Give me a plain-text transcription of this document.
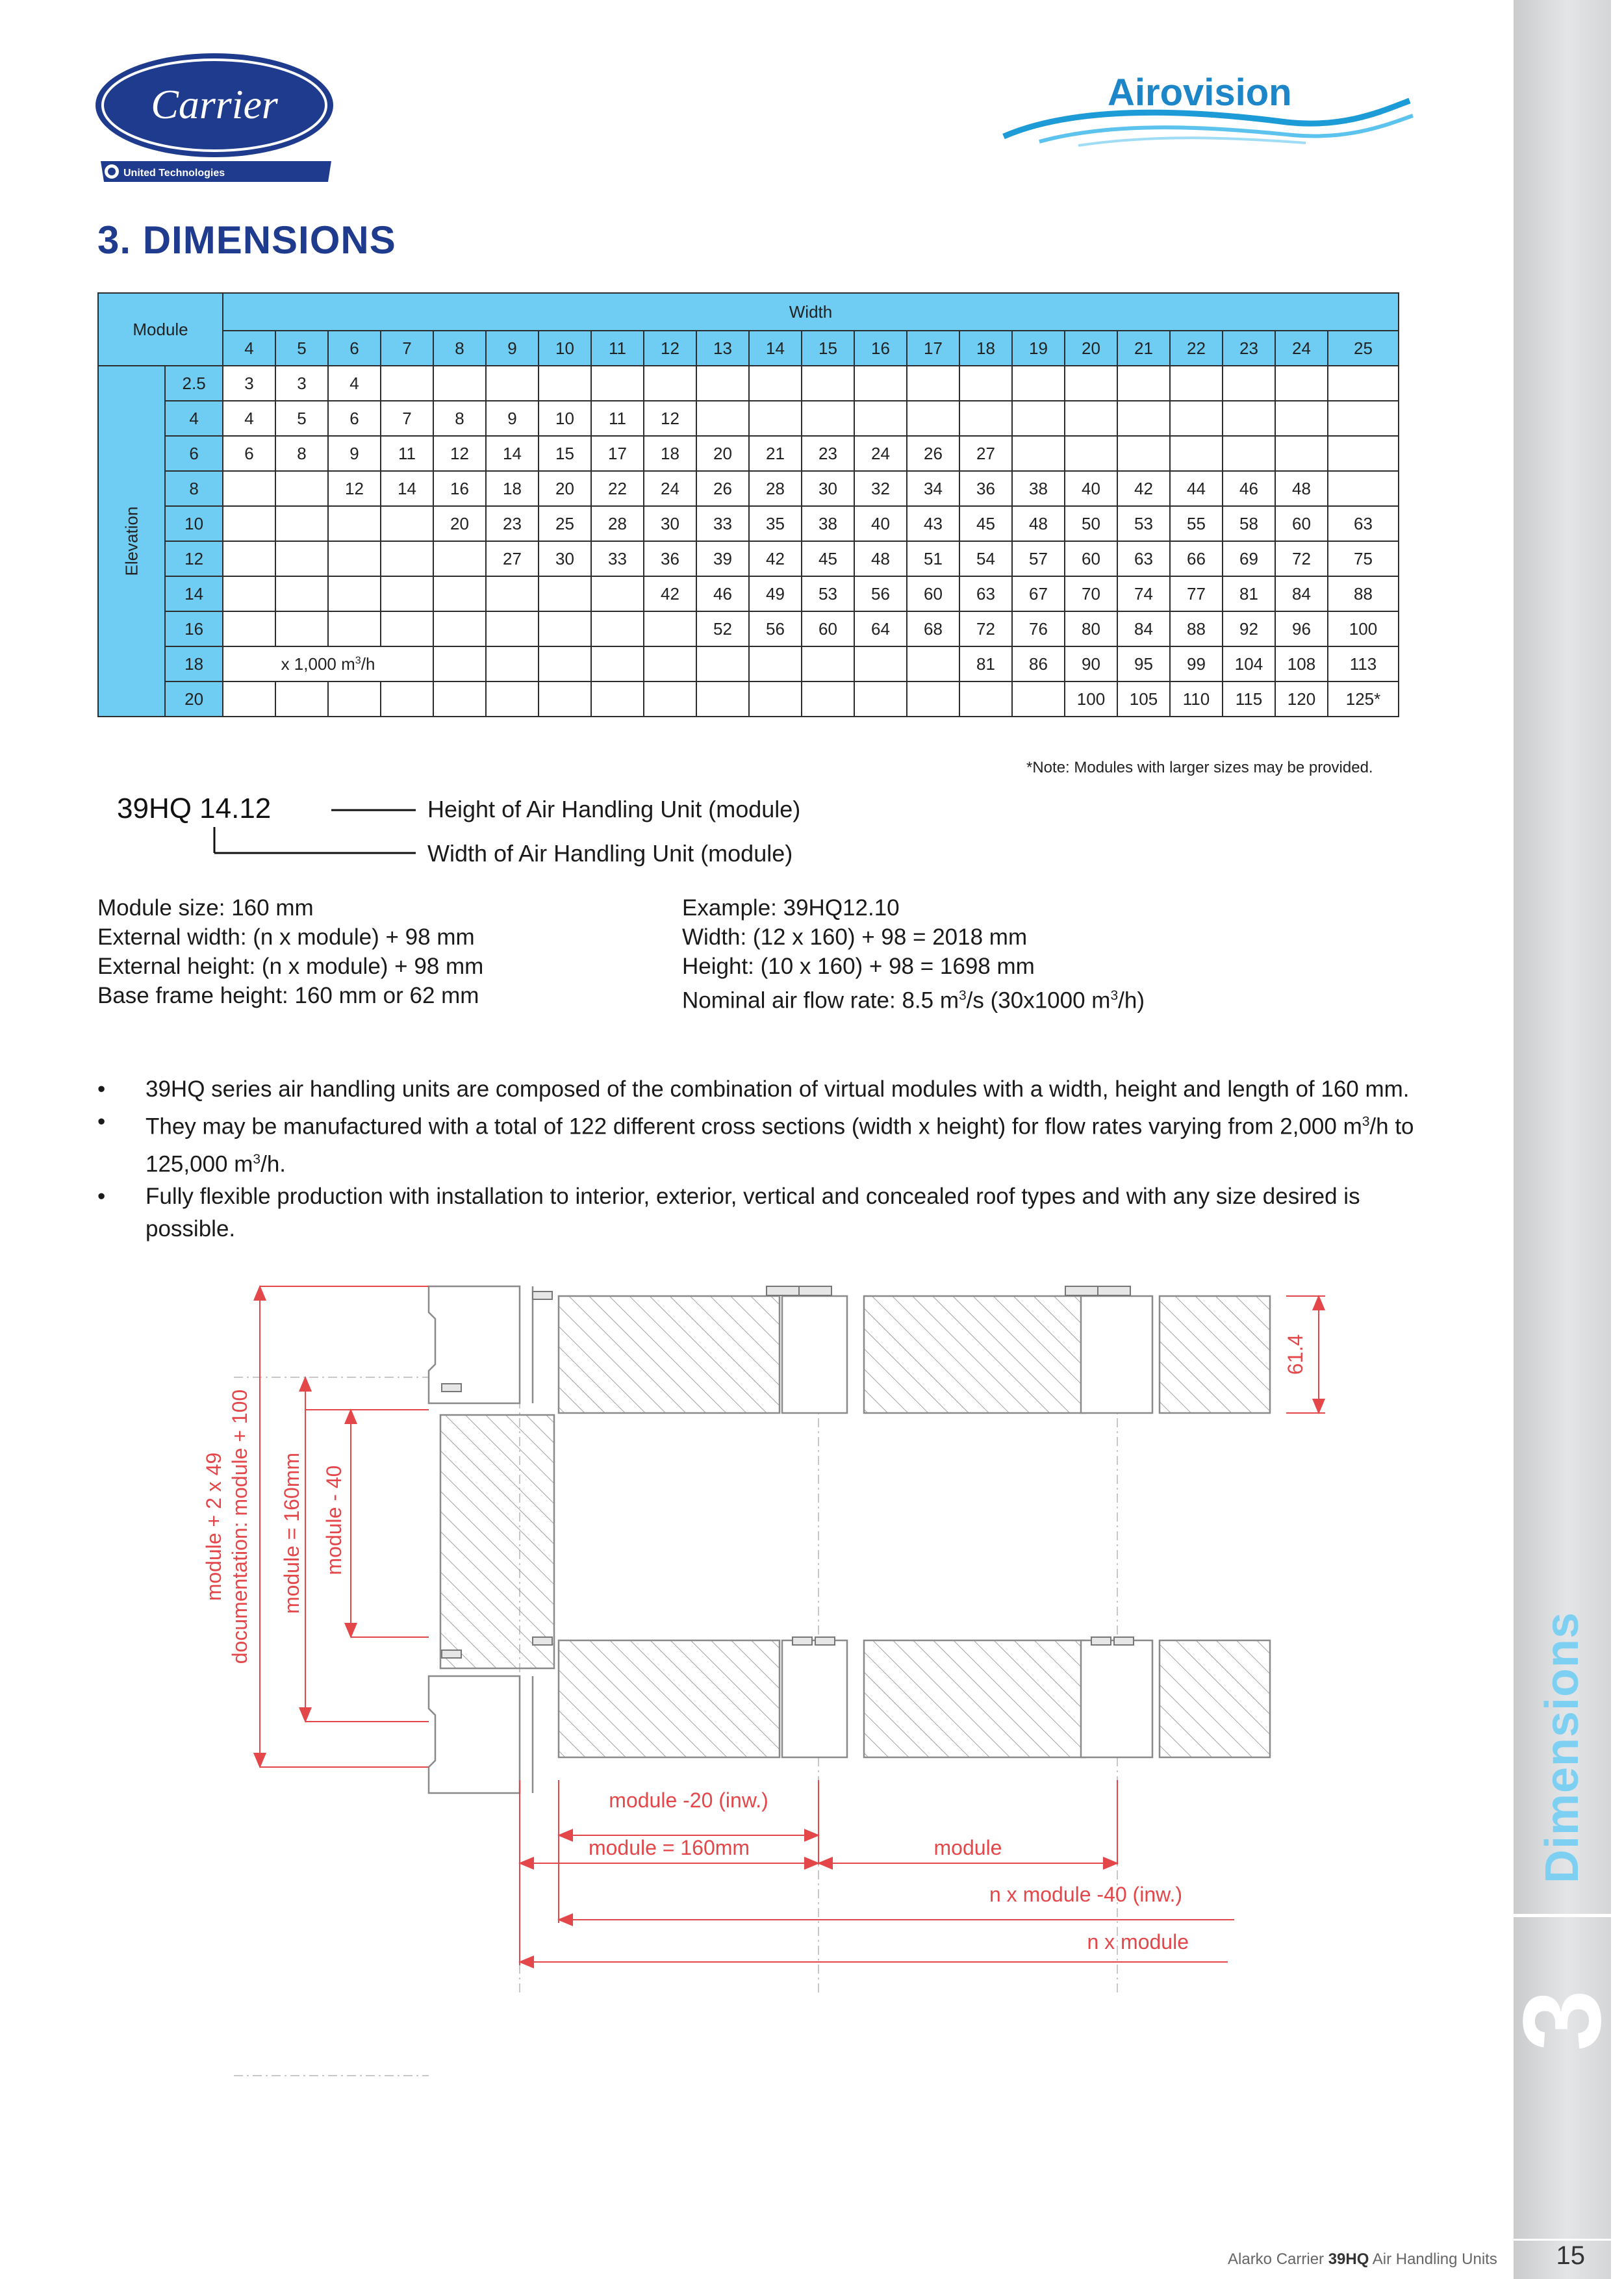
Dimensions
3
Carrier
United Technologies
Airovision
3. DIMENSIONS
Module		Width																					
		4	5	6	7	8	9	10	11	12	13	14	15	16	17	18	19	20	21	22	23	24	25

Elevation	2.5	3	3	4																			
	4	4	5	6	7	8	9	10	11	12													
	6	6	8	9	11	12	14	15	17	18	20	21	23	24	26	27							
	8			12	14	16	18	20	22	24	26	28	30	32	34	36	38	40	42	44	46	48	
	10					20	23	25	28	30	33	35	38	40	43	45	48	50	53	55	58	60	63
	12						27	30	33	36	39	42	45	48	51	54	57	60	63	66	69	72	75
	14									42	46	49	53	56	60	63	67	70	74	77	81	84	88
	16										52	56	60	64	68	72	76	80	84	88	92	96	100
	18	x 1,000 $m^3/h$														81	86	90	95	99	104	108	113
	20																	100	105	110	115	120	125*
*Note: Modules with larger sizes may be provided.
39HQ 14.12	Height of Air Handling Unit (module)
Width of Air Handling Unit (module)
Module size: 160 mm
External width: (n x module) + 98 mm
External height: (n x module) + 98 mm
Base frame height: 160 mm or 62 mm
Example: 39HQ12.10
Width: (12 x 160) + 98 = 2018 mm
Height: (10 x 160) + 98 = 1698 mm
Nominal air flow rate: 8.5 $m^3/s$ (30x1000 $m^3/h$)
• 39HQ series air handling units are composed of the combination of virtual modules with a width, height and length of 160 mm.
• They may be manufactured with a total of 122 different cross sections (width x height) for flow rates varying from 2,000 $m^3/h$ to 125,000 $m^3/h$.
• Fully flexible production with installation to interior, exterior, vertical and concealed roof types and with any size desired is possible.
module + 2 x 49 documentation: module + 100 module = 160mm module - 40
61.4
module -20 (inw.)
module = 160mm	module
n x module -40 (inw.)
n x module
Alarko Carrier 39HQ Air Handling Units	15
